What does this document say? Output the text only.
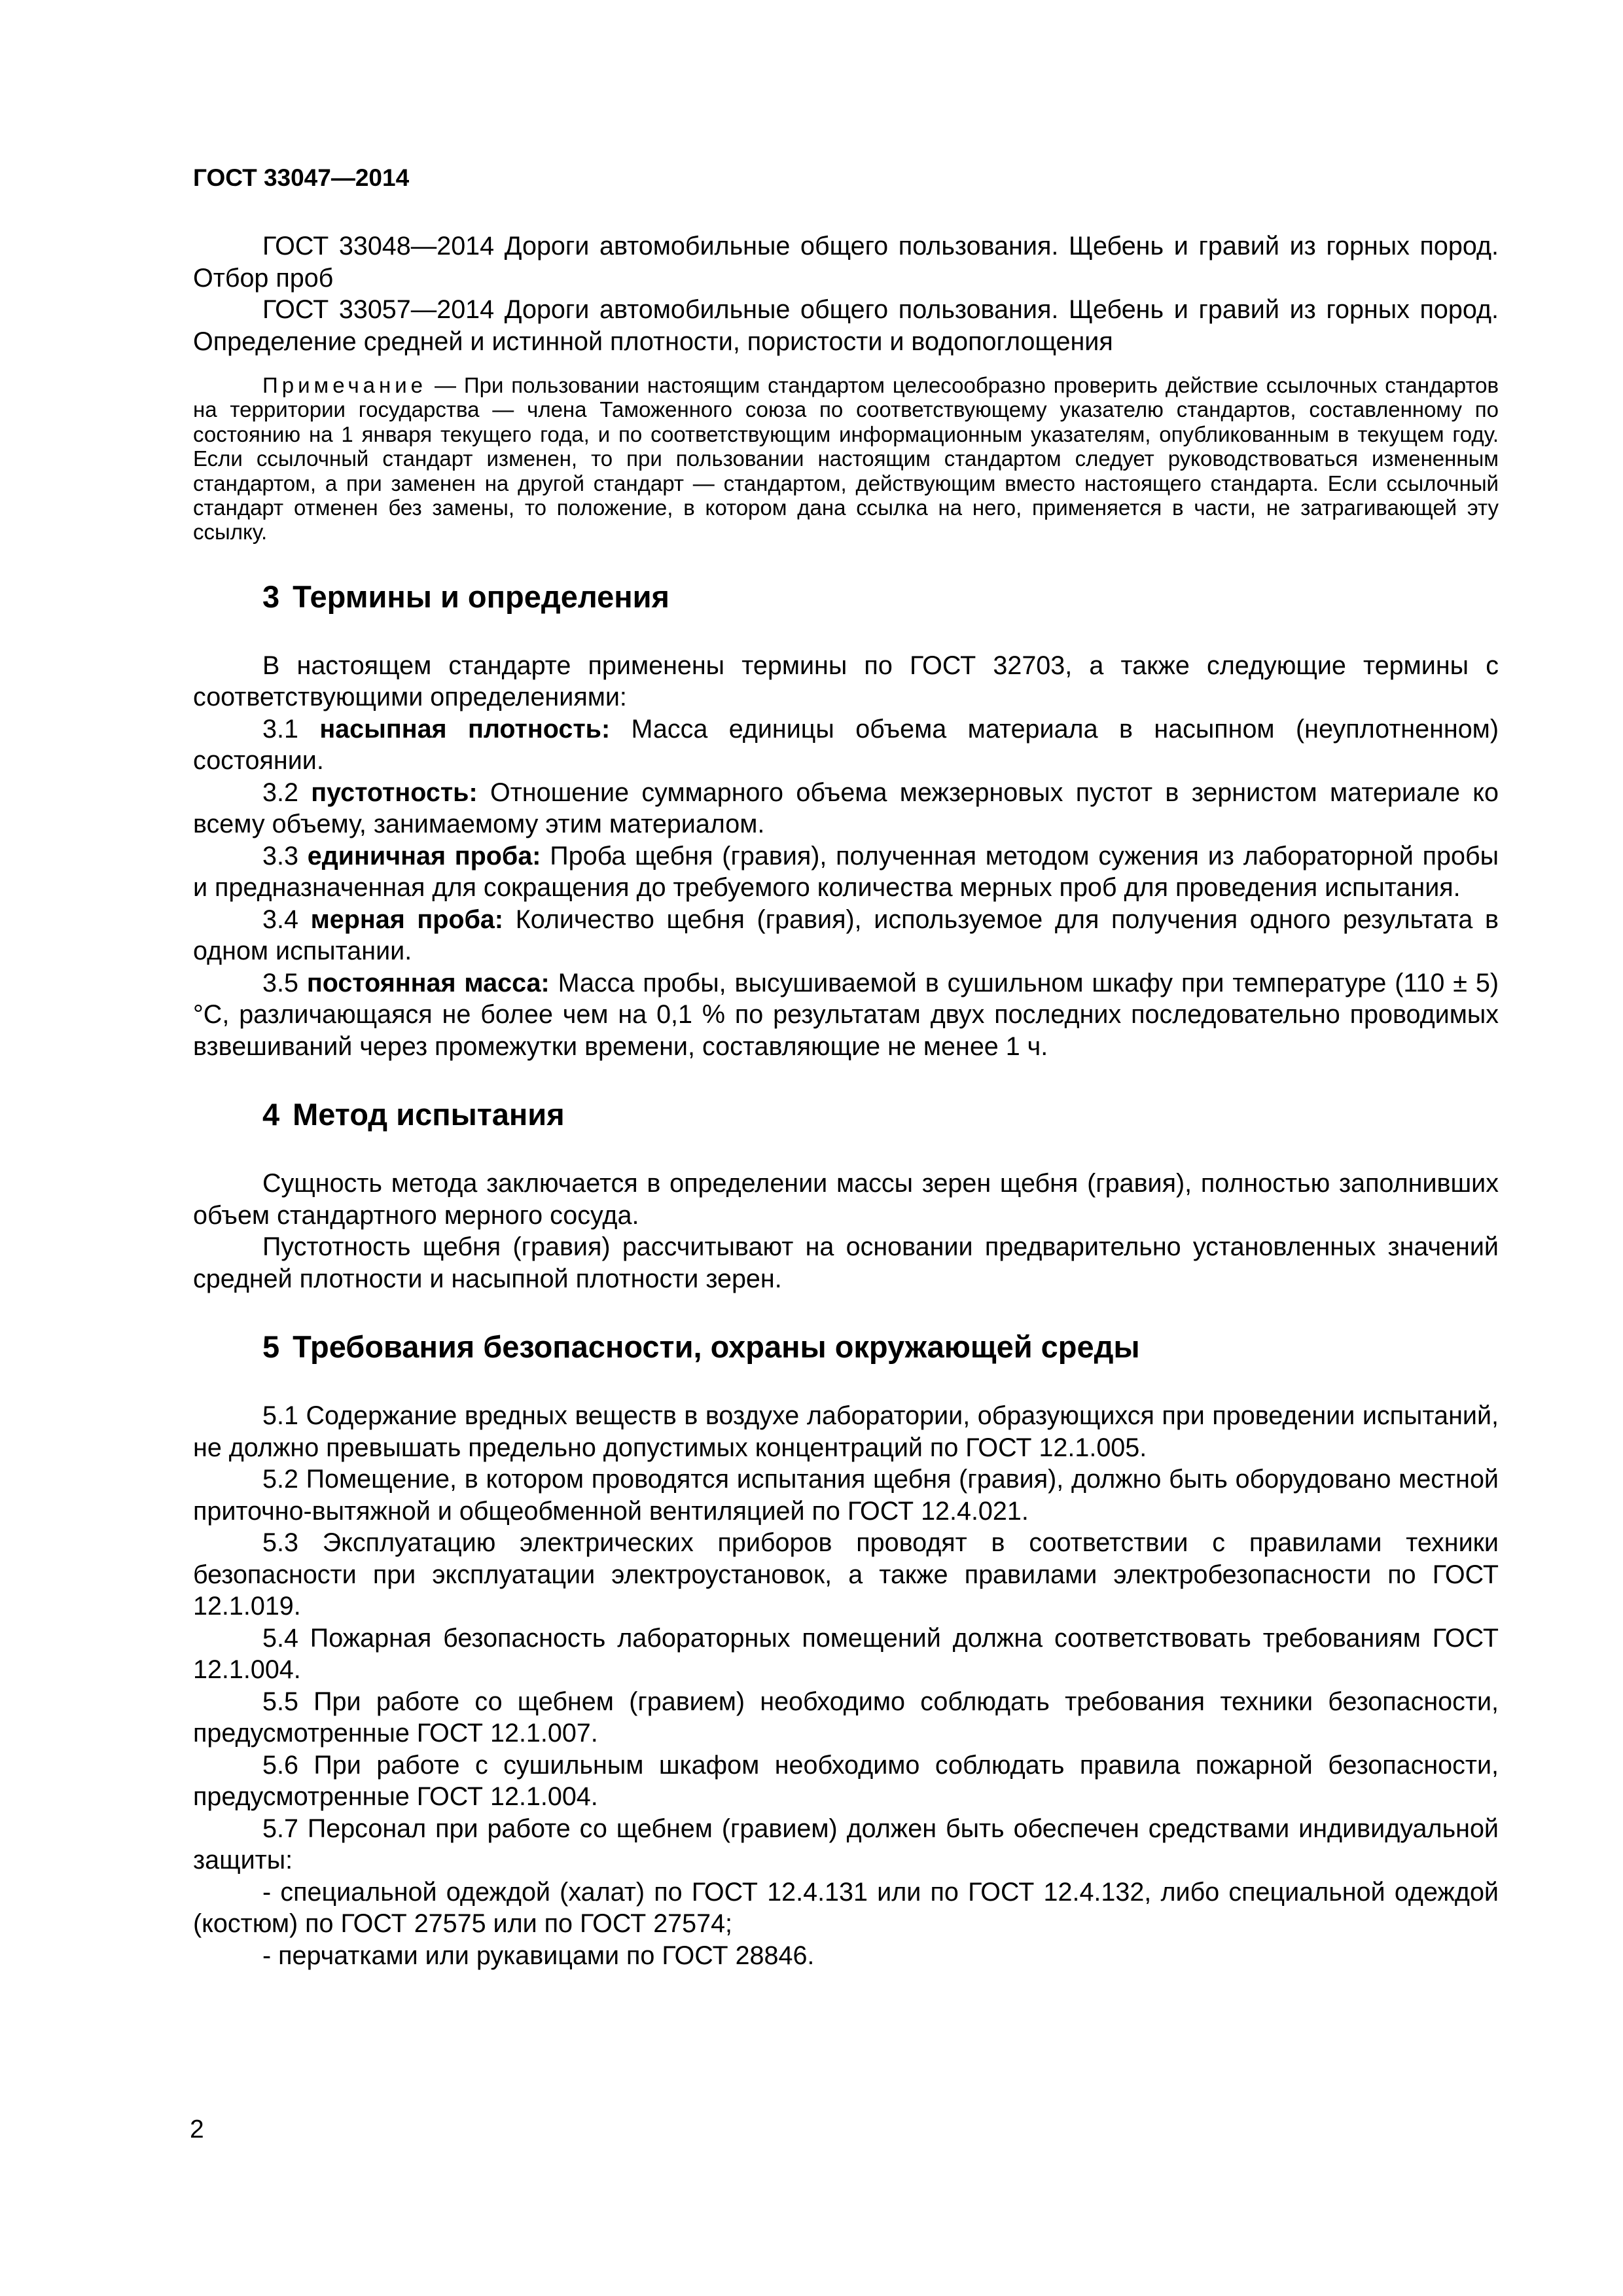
ГОСТ 33047—2014

ГОСТ 33048—2014 Дороги автомобильные общего пользования. Щебень и гравий из горных пород. Отбор проб

ГОСТ 33057—2014 Дороги автомобильные общего пользования. Щебень и гравий из горных пород. Определение средней и истинной плотности, пористости и водопоглощения

Примечание — При пользовании настоящим стандартом целесообразно проверить действие ссылочных стандартов на территории государства — члена Таможенного союза по соответствующему указателю стандартов, составленному по состоянию на 1 января текущего года, и по соответствующим информационным указателям, опубликованным в текущем году. Если ссылочный стандарт изменен, то при пользовании настоящим стандартом следует руководствоваться измененным стандартом, а при заменен на другой стандарт — стандартом, действующим вместо настоящего стандарта. Если ссылочный стандарт отменен без замены, то положение, в котором дана ссылка на него, применяется в части, не затрагивающей эту ссылку.

3 Термины и определения

В настоящем стандарте применены термины по ГОСТ 32703, а также следующие термины с соответствующими определениями:

3.1 насыпная плотность: Масса единицы объема материала в насыпном (неуплотненном) состоянии.

3.2 пустотность: Отношение суммарного объема межзерновых пустот в зернистом материале ко всему объему, занимаемому этим материалом.

3.3 единичная проба: Проба щебня (гравия), полученная методом сужения из лабораторной пробы и предназначенная для сокращения до требуемого количества мерных проб для проведения испытания.

3.4 мерная проба: Количество щебня (гравия), используемое для получения одного результата в одном испытании.

3.5 постоянная масса: Масса пробы, высушиваемой в сушильном шкафу при температуре (110 ± 5) °С, различающаяся не более чем на 0,1 % по результатам двух последних последовательно проводимых взвешиваний через промежутки времени, составляющие не менее 1 ч.

4 Метод испытания

Сущность метода заключается в определении массы зерен щебня (гравия), полностью заполнивших объем стандартного мерного сосуда.

Пустотность щебня (гравия) рассчитывают на основании предварительно установленных значений средней плотности и насыпной плотности зерен.

5 Требования безопасности, охраны окружающей среды

5.1 Содержание вредных веществ в воздухе лаборатории, образующихся при проведении испытаний, не должно превышать предельно допустимых концентраций по ГОСТ 12.1.005.

5.2 Помещение, в котором проводятся испытания щебня (гравия), должно быть оборудовано местной приточно-вытяжной и общеобменной вентиляцией по ГОСТ 12.4.021.

5.3 Эксплуатацию электрических приборов проводят в соответствии с правилами техники безопасности при эксплуатации электроустановок, а также правилами электробезопасности по ГОСТ 12.1.019.

5.4 Пожарная безопасность лабораторных помещений должна соответствовать требованиям ГОСТ 12.1.004.

5.5 При работе со щебнем (гравием) необходимо соблюдать требования техники безопасности, предусмотренные ГОСТ 12.1.007.

5.6 При работе с сушильным шкафом необходимо соблюдать правила пожарной безопасности, предусмотренные ГОСТ 12.1.004.

5.7 Персонал при работе со щебнем (гравием) должен быть обеспечен средствами индивидуальной защиты:

- специальной одеждой (халат) по ГОСТ 12.4.131 или по ГОСТ 12.4.132, либо специальной одеждой (костюм) по ГОСТ 27575 или по ГОСТ 27574;

- перчатками или рукавицами по ГОСТ 28846.

2
